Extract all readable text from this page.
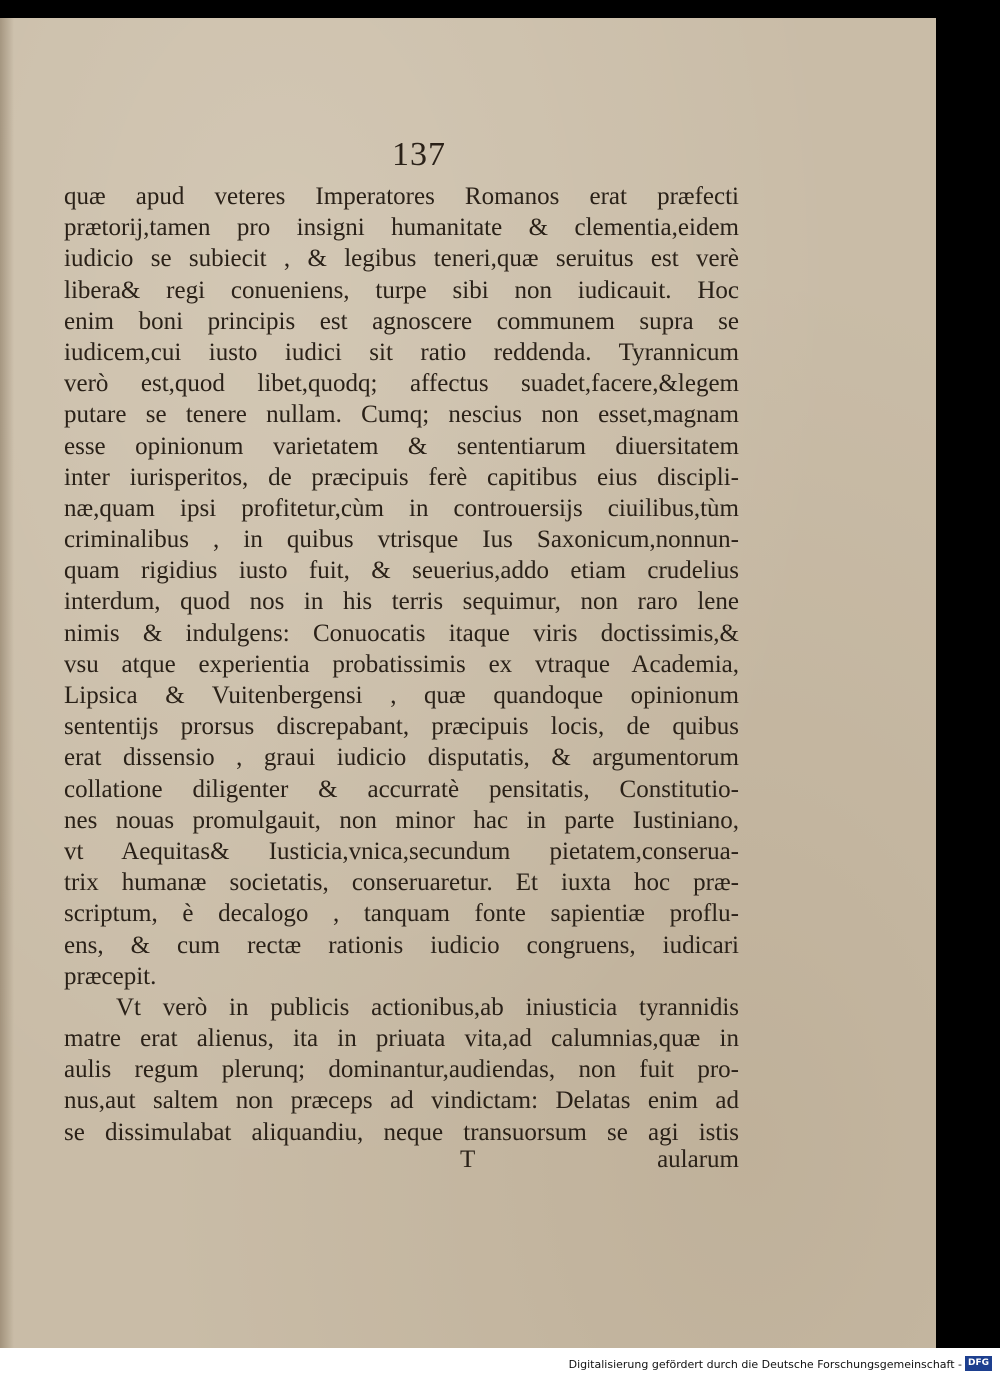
137
quæ apud veteres Imperatores Romanos erat præfecti
prætorij,tamen pro insigni humanitate & clementia,eidem
iudicio se subiecit , & legibus teneri,quæ seruitus est verè
libera& regi conueniens, turpe sibi non iudicauit. Hoc
enim boni principis est agnoscere communem supra se
iudicem,cui iusto iudici sit ratio reddenda. Tyrannicum
verò est,quod libet,quodq; affectus suadet,facere,&legem
putare se tenere nullam. Cumq; nescius non esset,magnam
esse opinionum varietatem & sententiarum diuersitatem
inter iurisperitos, de præcipuis ferè capitibus eius discipli-
næ,quam ipsi profitetur,cùm in controuersijs ciuilibus,tùm
criminalibus , in quibus vtrisque Ius Saxonicum,nonnun-
quam rigidius iusto fuit, & seuerius,addo etiam crudelius
interdum, quod nos in his terris sequimur, non raro lene
nimis & indulgens: Conuocatis itaque viris doctissimis,&
vsu atque experientia probatissimis ex vtraque Academia,
Lipsica & Vuitenbergensi , quæ quandoque opinionum
sententijs prorsus discrepabant, præcipuis locis, de quibus
erat dissensio , graui iudicio disputatis, & argumentorum
collatione diligenter & accurratè pensitatis, Constitutio-
nes nouas promulgauit, non minor hac in parte Iustiniano,
vt Aequitas& Iusticia,vnica,secundum pietatem,conserua-
trix humanæ societatis, conseruaretur. Et iuxta hoc præ-
scriptum, è decalogo , tanquam fonte sapientiæ proflu-
ens, & cum rectæ rationis iudicio congruens, iudicari
præcepit.
Vt verò in publicis actionibus,ab iniusticia tyrannidis
matre erat alienus, ita in priuata vita,ad calumnias,quæ in
aulis regum plerunq; dominantur,audiendas, non fuit pro-
nus,aut saltem non præceps ad vindictam: Delatas enim ad
se dissimulabat aliquandiu, neque transuorsum se agi istis
T	aularum
Digitalisierung gefördert durch die Deutsche Forschungsgemeinschaft - DFG
